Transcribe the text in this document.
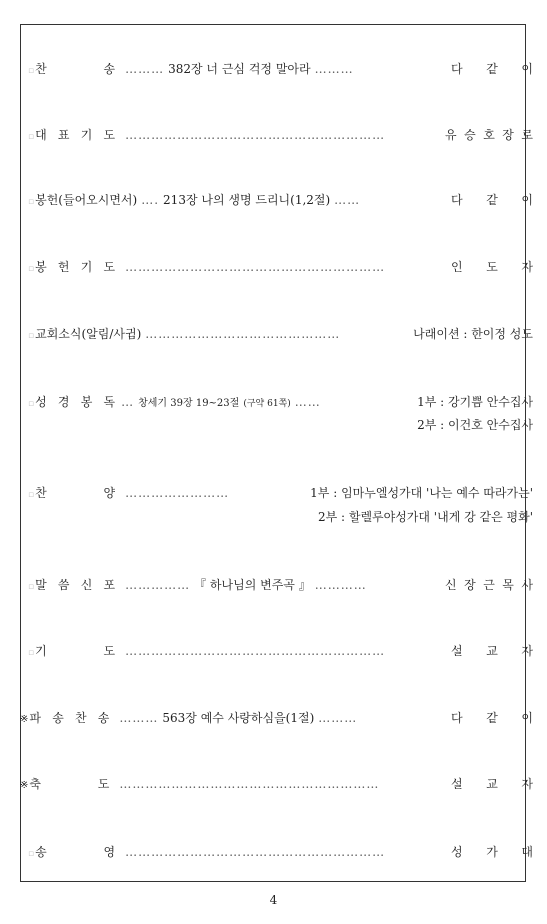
▫ 찬	송 ……… 382장 너 근심 걱정 말아라 ………	다 같 이
▫ 대 표 기 도 ……………………………………………………	유 승 호 장 로
▫ 봉헌(들어오시면서) …. 213장 나의 생명 드리니(1,2절) ……	다 같 이
▫ 봉 헌 기 도 ……………………………………………………	인 도 자
▫ 교회소식(알림/사귐) ………………………………………	나래이션 : 한이정 성도
▫ 성 경 봉 독 … 창세기 39장 19~23절 (구약 61쪽) ……	1부 : 강기쁨 안수집사
2부 : 이건호 안수집사
▫ 찬	양 ……………………	1부 : 임마누엘성가대 '나는 예수 따라가는'
2부 : 할렐루야성가대 '내게 강 같은 평화'
▫ 말 씀 신 포 …………… 『 하나님의 변주곡 』 …………	신 장 근 목 사
▫ 기	도 ……………………………………………………	설 교 자
※ 파 송 찬 송 ……… 563장 예수 사랑하심을(1절) ………	다 같 이
※ 축	도 ……………………………………………………	설 교 자
▫ 송	영 ……………………………………………………	성 가 대
4
